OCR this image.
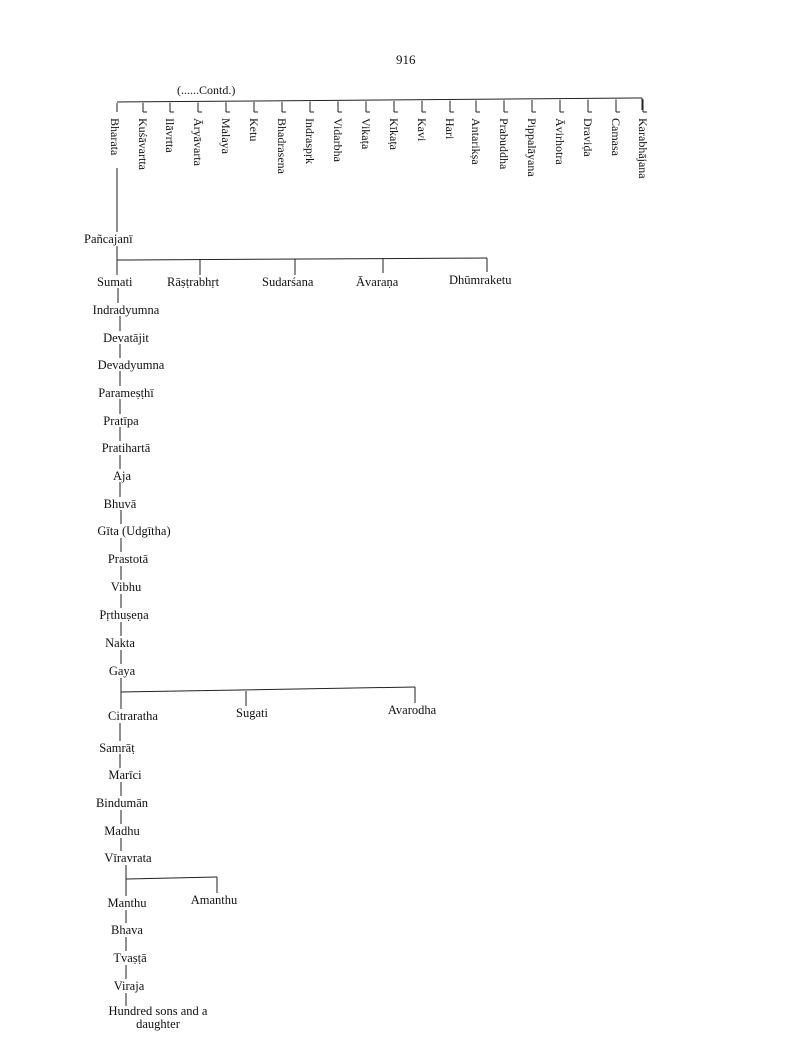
916
(......Contd.)
Bharata Kuśāvartta Ilāvrtta Āryāvarta Malaya Ketu Bhadrasena Indraspṛk Vidarbha Vikaṭa Kīkaṭa Kavi Hari Antarikṣa Prabuddha Pippalāyana Āvirhotra Draviḍa Camasa Karabhājana
Pañcajanī
Sumati	Rāṣṭrabhṛt	Sudarśana	Āvaraṇa	Dhūmraketu
Indradyumna
Devatājit
Devadyumna
Parameṣṭhī
Pratīpa
Pratihartā
Aja
Bhuvā
Gīta (Udgītha)
Prastotā
Vibhu
Pṛthuṣeṇa
Nakta
Gaya
Citraratha	Sugati	Avarodha
Samrāṭ
Marīci
Bindumān
Madhu
Vīravrata
Manthu	Amanthu
Bhava
Tvaṣṭā
Viraja
Hundred sons and a daughter
